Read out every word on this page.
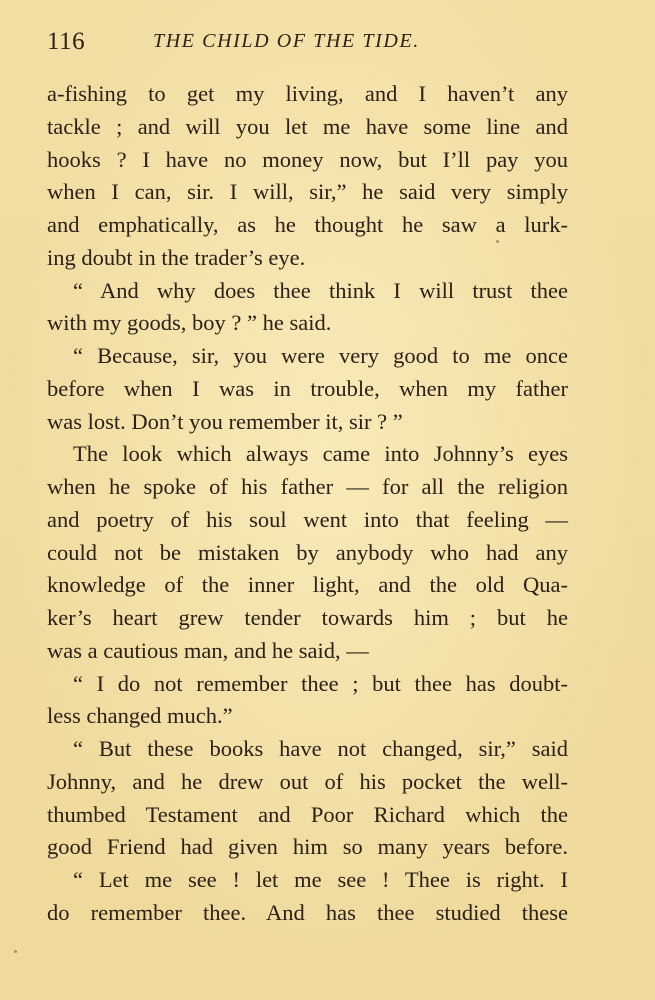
116	THE CHILD OF THE TIDE.
a-fishing to get my living, and I haven’t any
tackle ; and will you let me have some line and
hooks ? I have no money now, but I’ll pay you
when I can, sir. I will, sir,” he said very simply
and emphatically, as he thought he saw a lurk-
ing doubt in the trader’s eye.
“ And why does thee think I will trust thee
with my goods, boy ? ” he said.
“ Because, sir, you were very good to me once
before when I was in trouble, when my father
was lost. Don’t you remember it, sir ? ”
The look which always came into Johnny’s eyes
when he spoke of his father — for all the religion
and poetry of his soul went into that feeling —
could not be mistaken by anybody who had any
knowledge of the inner light, and the old Qua-
ker’s heart grew tender towards him ; but he
was a cautious man, and he said, —
“ I do not remember thee ; but thee has doubt-
less changed much.”
“ But these books have not changed, sir,” said
Johnny, and he drew out of his pocket the well-
thumbed Testament and Poor Richard which the
good Friend had given him so many years before.
“ Let me see ! let me see ! Thee is right. I
do remember thee. And has thee studied these
